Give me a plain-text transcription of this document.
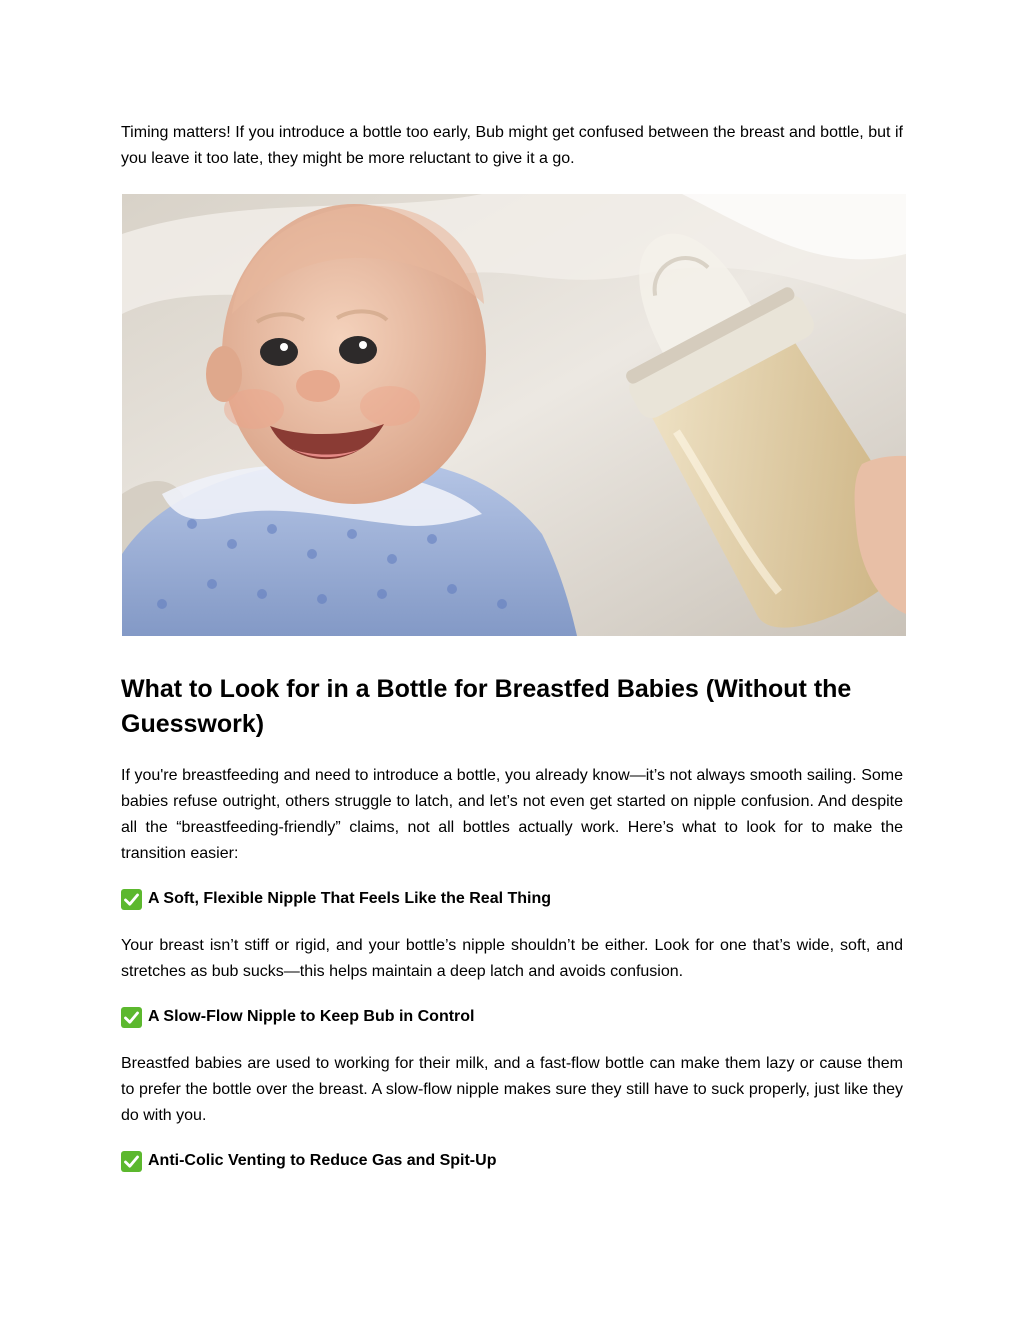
Timing matters! If you introduce a bottle too early, Bub might get confused between the breast and bottle, but if you leave it too late, they might be more reluctant to give it a go.

What to Look for in a Bottle for Breastfed Babies (Without the Guesswork)

If you're breastfeeding and need to introduce a bottle, you already know—it’s not always smooth sailing. Some babies refuse outright, others struggle to latch, and let’s not even get started on nipple confusion. And despite all the “breastfeeding-friendly” claims, not all bottles actually work. Here’s what to look for to make the transition easier:

A Soft, Flexible Nipple That Feels Like the Real Thing

Your breast isn’t stiff or rigid, and your bottle’s nipple shouldn’t be either. Look for one that’s wide, soft, and stretches as bub sucks—this helps maintain a deep latch and avoids confusion.

A Slow-Flow Nipple to Keep Bub in Control

Breastfed babies are used to working for their milk, and a fast-flow bottle can make them lazy or cause them to prefer the bottle over the breast. A slow-flow nipple makes sure they still have to suck properly, just like they do with you.

Anti-Colic Venting to Reduce Gas and Spit-Up
